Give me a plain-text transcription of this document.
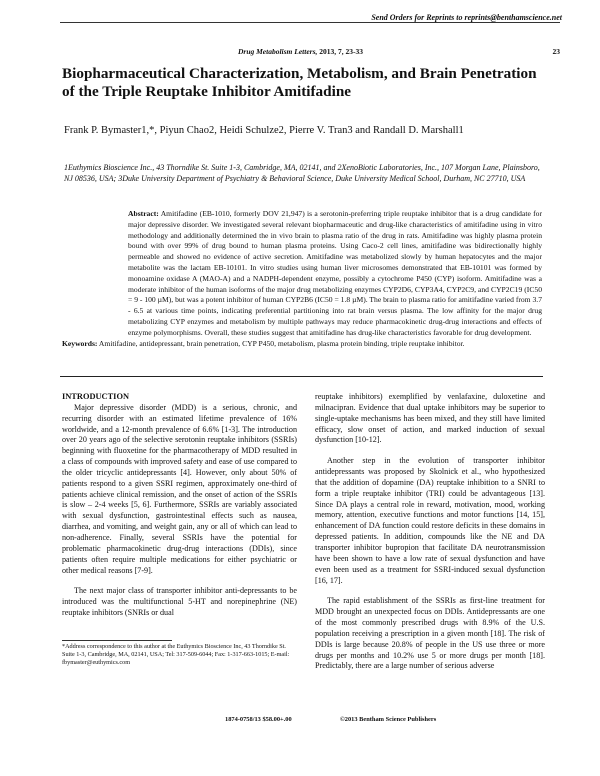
Send Orders for Reprints to reprints@benthamscience.net
Drug Metabolism Letters, 2013, 7, 23-33	23
Biopharmaceutical Characterization, Metabolism, and Brain Penetration of the Triple Reuptake Inhibitor Amitifadine
Frank P. Bymaster1,*, Piyun Chao2, Heidi Schulze2, Pierre V. Tran3 and Randall D. Marshall1
1Euthymics Bioscience Inc., 43 Thorndike St. Suite 1-3, Cambridge, MA, 02141, and 2XenoBiotic Laboratories, Inc., 107 Morgan Lane, Plainsboro, NJ 08536, USA; 3Duke University Department of Psychiatry & Behavioral Science, Duke University Medical School, Durham, NC 27710, USA
Abstract: Amitifadine (EB-1010, formerly DOV 21,947) is a serotonin-preferring triple reuptake inhibitor that is a drug candidate for major depressive disorder. We investigated several relevant biopharmaceutic and drug-like characteristics of amitifadine using in vitro methodology and additionally determined the in vivo brain to plasma ratio of the drug in rats. Amitifadine was highly plasma protein bound with over 99% of drug bound to human plasma proteins. Using Caco-2 cell lines, amitifadine was bidirectionally highly permeable and showed no evidence of active secretion. Amitifadine was metabolized slowly by human hepatocytes and the major metabolite was the lactam EB-10101. In vitro studies using human liver microsomes demonstrated that EB-10101 was formed by monoamine oxidase A (MAO-A) and a NADPH-dependent enzyme, possibly a cytochrome P450 (CYP) isoform. Amitifadine was a moderate inhibitor of the human isoforms of the major drug metabolizing enzymes CYP2D6, CYP3A4, CYP2C9, and CYP2C19 (IC50 = 9 - 100 µM), but was a potent inhibitor of human CYP2B6 (IC50 = 1.8 µM). The brain to plasma ratio for amitifadine varied from 3.7 - 6.5 at various time points, indicating preferential partitioning into rat brain versus plasma. The low affinity for the major drug metabolizing CYP enzymes and metabolism by multiple pathways may reduce pharmacokinetic drug-drug interactions and effects of enzyme polymorphisms. Overall, these studies suggest that amitifadine has drug-like characteristics favorable for drug development.
Keywords: Amitifadine, antidepressant, brain penetration, CYP P450, metabolism, plasma protein binding, triple reuptake inhibitor.

INTRODUCTION

Major depressive disorder (MDD) is a serious, chronic, and recurring disorder with an estimated lifetime prevalence of 16% worldwide, and a 12-month prevalence of 6.6% [1-3]. The introduction over 20 years ago of the selective serotonin reuptake inhibitors (SSRIs) beginning with fluoxetine for the pharmacotherapy of MDD resulted in a class of compounds with improved safety and ease of use compared to the older tricyclic antidepressants [4]. However, only about 50% of patients respond to a given SSRI regimen, approximately one-third of patients achieve clinical remission, and the onset of action of the SSRIs is slow – 2-4 weeks [5, 6]. Furthermore, SSRIs are variably associated with sexual dysfunction, gastrointestinal effects such as nausea, diarrhea, and vomiting, and weight gain, any or all of which can lead to non-adherence. Finally, several SSRIs have the potential for problematic pharmacokinetic drug-drug interactions (DDIs), since patients often require multiple medications for either psychiatric or other medical reasons [7-9].

The next major class of transporter inhibitor anti-depressants to be introduced was the multifunctional 5-HT and norepinephrine (NE) reuptake inhibitors (SNRIs or dual

reuptake inhibitors) exemplified by venlafaxine, duloxetine and milnacipran. Evidence that dual uptake inhibitors may be superior to single-uptake mechanisms has been mixed, and they still have limited efficacy, slow onset of action, and marked induction of sexual dysfunction [10-12].

Another step in the evolution of transporter inhibitor antidepressants was proposed by Skolnick et al., who hypothesized that the addition of dopamine (DA) reuptake inhibition to a SNRI to form a triple reuptake inhibitor (TRI) could be advantageous [13]. Since DA plays a central role in reward, motivation, mood, working memory, attention, executive functions and motor functions [14, 15], enhancement of DA function could restore deficits in these domains in depressed patients. In addition, compounds like the NE and DA transporter inhibitor bupropion that facilitate DA neurotransmission have been shown to have a low rate of sexual dysfunction and have even been used as a treatment for SSRI-induced sexual dysfunction [16, 17].

The rapid establishment of the SSRIs as first-line treatment for MDD brought an unexpected focus on DDIs. Antidepressants are one of the most commonly prescribed drugs with 8.9% of the U.S. population receiving a prescription in a given month [18]. The risk of DDIs is large because 20.8% of people in the US use three or more drugs per months and 10.2% use 5 or more drugs per month [18]. Predictably, there are a large number of serious adverse

*Address correspondence to this author at the Euthymics Bioscience Inc, 43 Thorndike St. Suite 1-3, Cambridge, MA, 02141, USA; Tel: 317-509-6044; Fax: 1-317-663-1015; E-mail: fbymaster@euthymics.com
1874-0758/13 $58.00+.00	©2013 Bentham Science Publishers
